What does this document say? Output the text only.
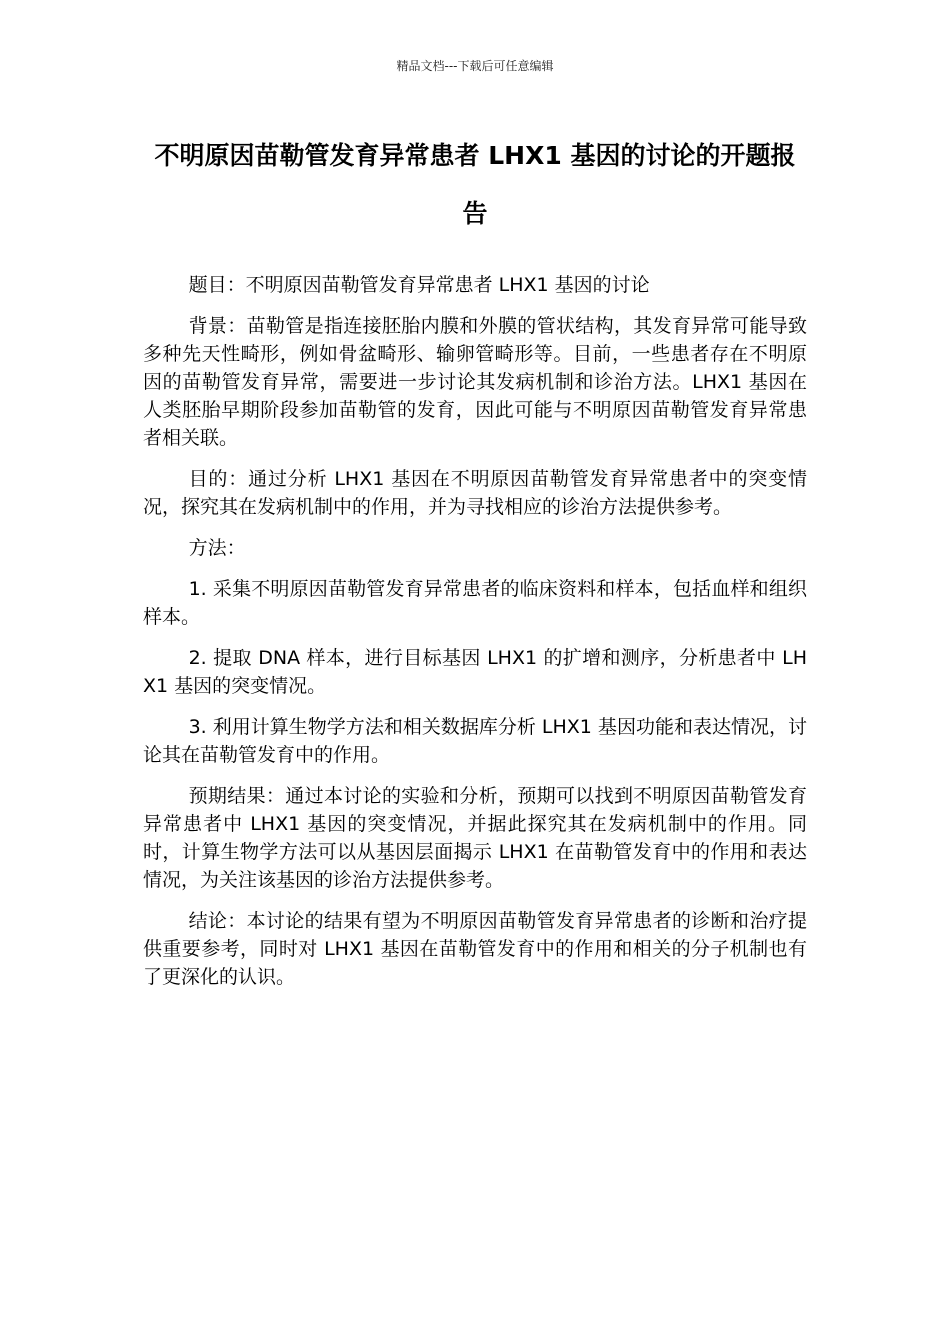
精品文档---下载后可任意编辑
不明原因苗勒管发育异常患者 LHX1 基因的讨论的开题报告

题目：不明原因苗勒管发育异常患者 LHX1 基因的讨论

背景：苗勒管是指连接胚胎内膜和外膜的管状结构，其发育异常可能导致多种先天性畸形，例如骨盆畸形、输卵管畸形等。目前，一些患者存在不明原因的苗勒管发育异常，需要进一步讨论其发病机制和诊治方法。LHX1 基因在人类胚胎早期阶段参加苗勒管的发育，因此可能与不明原因苗勒管发育异常患者相关联。

目的：通过分析 LHX1 基因在不明原因苗勒管发育异常患者中的突变情况，探究其在发病机制中的作用，并为寻找相应的诊治方法提供参考。

方法：

1. 采集不明原因苗勒管发育异常患者的临床资料和样本，包括血样和组织样本。

2. 提取 DNA 样本，进行目标基因 LHX1 的扩增和测序，分析患者中 LHX1 基因的突变情况。

3. 利用计算生物学方法和相关数据库分析 LHX1 基因功能和表达情况，讨论其在苗勒管发育中的作用。

预期结果：通过本讨论的实验和分析，预期可以找到不明原因苗勒管发育异常患者中 LHX1 基因的突变情况，并据此探究其在发病机制中的作用。同时，计算生物学方法可以从基因层面揭示 LHX1 在苗勒管发育中的作用和表达情况，为关注该基因的诊治方法提供参考。

结论：本讨论的结果有望为不明原因苗勒管发育异常患者的诊断和治疗提供重要参考，同时对 LHX1 基因在苗勒管发育中的作用和相关的分子机制也有了更深化的认识。
